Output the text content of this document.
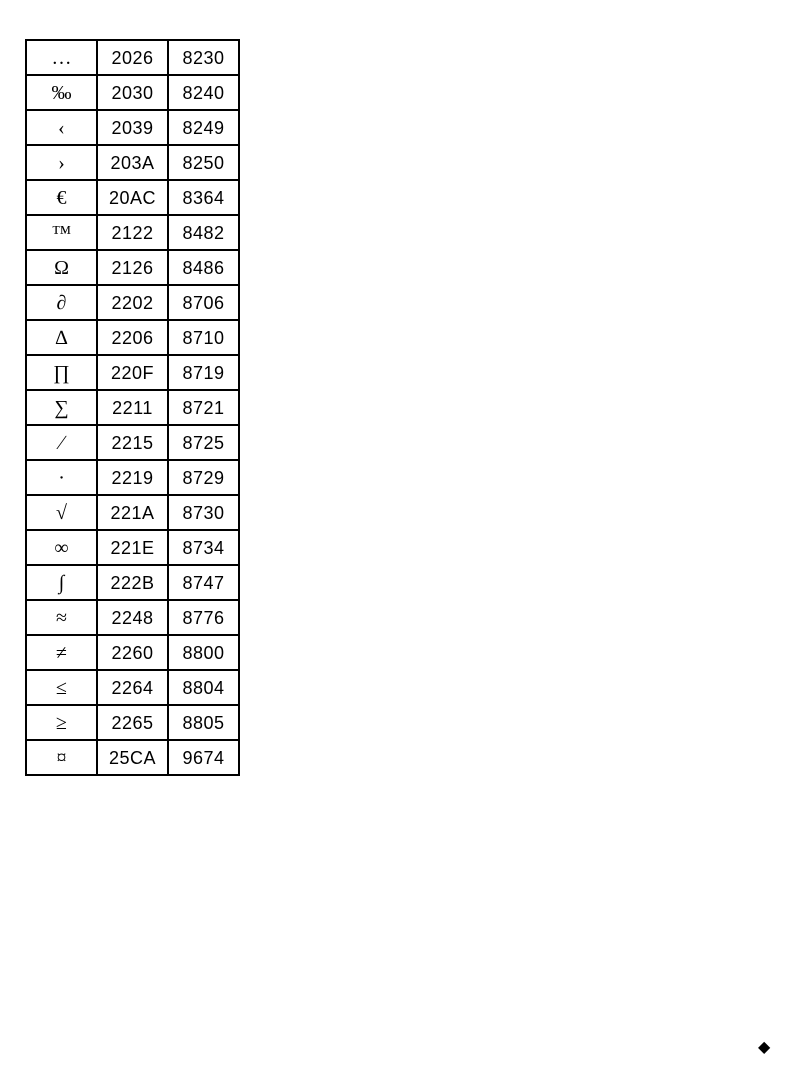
…	2026	8230
‰	2030	8240
‹	2039	8249
›	203A	8250
€	20AC	8364
™	2122	8482
Ω	2126	8486
∂	2202	8706
∆	2206	8710
∏	220F	8719
∑	2211	8721
∕	2215	8725
∙	2219	8729
√	221A	8730
∞	221E	8734
∫	222B	8747
≈	2248	8776
≠	2260	8800
≤	2264	8804
≥	2265	8805
¤	25CA	9674
◆
